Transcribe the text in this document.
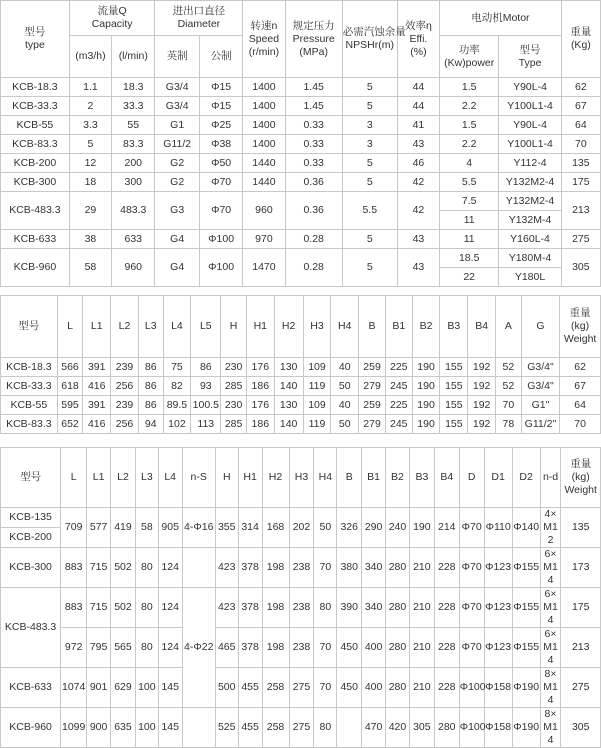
型号
type	流量Q
Capacity		进出口直径
Diameter		转速n
Speed
(r/min)	规定压力
Pressure
(MPa)	必需汽蚀余量
NPSHr(m)	效率η
Effi.
(%)	电动机Motor		重量
(Kg)
	(m3/h)	(l/min)	英制	公制					功率
(Kw)power	型号
Type	
KCB-18.3	1.1	18.3	G3/4	Φ15	1400	1.45	5	44	1.5	Y90L-4	62
KCB-33.3	2	33.3	G3/4	Φ15	1400	1.45	5	44	2.2	Y100L1-4	67
KCB-55	3.3	55	G1	Φ25	1400	0.33	3	41	1.5	Y90L-4	64
KCB-83.3	5	83.3	G11/2	Φ38	1400	0.33	3	43	2.2	Y100L1-4	70
KCB-200	12	200	G2	Φ50	1440	0.33	5	46	4	Y112-4	135
KCB-300	18	300	G2	Φ70	1440	0.36	5	42	5.5	Y132M2-4	175
KCB-483.3	29	483.3	G3	Φ70	960	0.36	5.5	42	7.5	Y132M2-4	213
									11	Y132M-4	
KCB-633	38	633	G4	Φ100	970	0.28	5	43	11	Y160L-4	275
KCB-960	58	960	G4	Φ100	1470	0.28	5	43	18.5	Y180M-4	305
									22	Y180L	
型号	L	L1	L2	L3	L4	L5	H	H1	H2	H3	H4	B	B1	B2	B3	B4	A	G	重量
(kg)
Weight
KCB-18.3	566	391	239	86	75	86	230	176	130	109	40	259	225	190	155	192	52	G3/4"	62
KCB-33.3	618	416	256	86	82	93	285	186	140	119	50	279	245	190	155	192	52	G3/4"	67
KCB-55	595	391	239	86	89.5	100.5	230	176	130	109	40	259	225	190	155	192	70	G1"	64
KCB-83.3	652	416	256	94	102	113	285	186	140	119	50	279	245	190	155	192	78	G11/2"	70
型号	L	L1	L2	L3	L4	n-S	H	H1	H2	H3	H4	B	B1	B2	B3	B4	D	D1	D2	n-d	重量
(kg)
Weight
KCB-135	709	577	419	58	905	4-Φ16	355	314	168	202	50	326	290	240	190	214	Φ70	Φ110	Φ140	4×M12	135
KCB-200																					
KCB-300	883	715	502	80	124		423	378	198	238	70	380	340	280	210	228	Φ70	Φ123	Φ155	6×M14	173
KCB-483.3	883	715	502	80	124	4-Φ22	423	378	198	238	80	390	340	280	210	228	Φ70	Φ123	Φ155	6×M14	175
	972	795	565	80	124		465	378	198	238	70	450	400	280	210	228	Φ70	Φ123	Φ155	6×M14	213
KCB-633	1074	901	629	100	145		500	455	258	275	70	450	400	280	210	228	Φ100	Φ158	Φ190	8×M14	275
KCB-960	1099	900	635	100	145		525	455	258	275	80		470	420	305	280	Φ100	Φ158	Φ190	8×M14	305
